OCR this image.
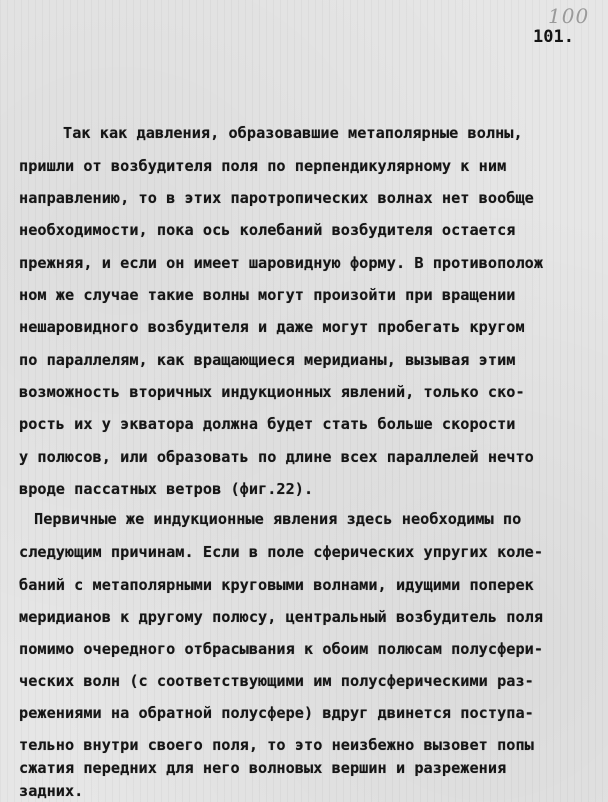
100
101.
Так как давления, образовавшие метаполярные волны,
пришли от возбудителя поля по перпендикулярному к ним
направлению, то в этих паротропических волнах нет вообще
необходимости, пока ось колебаний возбудителя остается
прежняя, и если он имеет шаровидную форму. В противополож
ном же случае такие волны могут произойти при вращении
нешаровидного возбудителя и даже могут пробегать кругом
по параллелям, как вращающиеся меридианы, вызывая этим
возможность вторичных индукционных явлений, только ско-
рость их у экватора должна будет стать больше скорости
у полюсов, или образовать по длине всех параллелей нечто
вроде пассатных ветров (фиг.22).
Первичные же индукционные явления здесь необходимы по
следующим причинам. Если в поле сферических упругих коле-
баний с метаполярными круговыми волнами, идущими поперек
меридианов к другому полюсу, центральный возбудитель поля
помимо очередного отбрасывания к обоим полюсам полусфери-
ческих волн (с соответствующими им полусферическими раз-
режениями на обратной полусфере) вдруг двинется поступа-
тельно внутри своего поля, то это неизбежно вызовет попы
сжатия передних для него волновых вершин и разрежения
задних.
